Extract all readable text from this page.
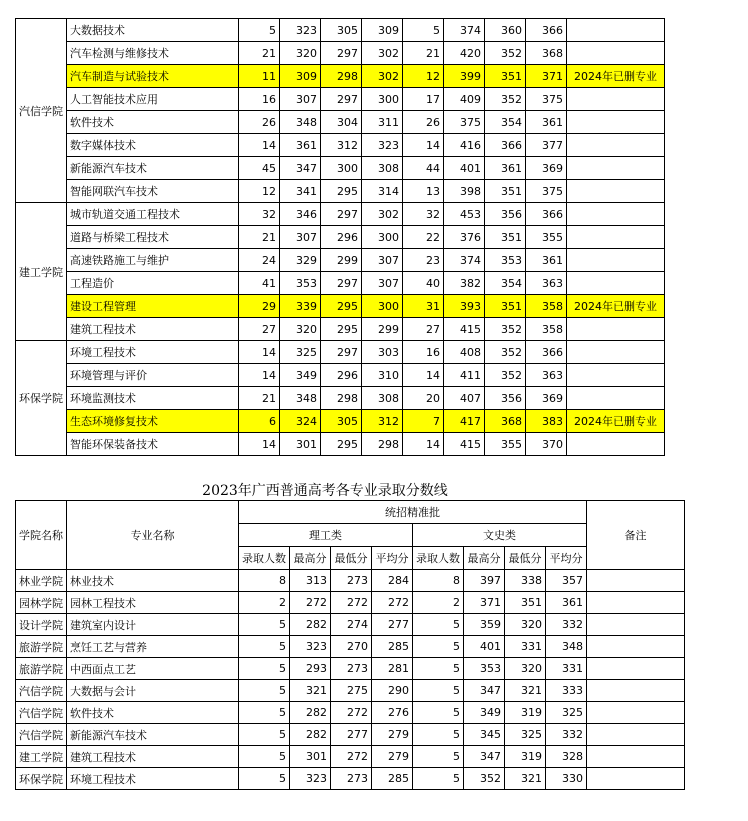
汽信学院	大数据技术	5	323	305	309	5	374	360	366	
	汽车检测与维修技术	21	320	297	302	21	420	352	368	
	汽车制造与试验技术	11	309	298	302	12	399	351	371	2024年已删专业
	人工智能技术应用	16	307	297	300	17	409	352	375	
	软件技术	26	348	304	311	26	375	354	361	
	数字媒体技术	14	361	312	323	14	416	366	377	
	新能源汽车技术	45	347	300	308	44	401	361	369	
	智能网联汽车技术	12	341	295	314	13	398	351	375	
建工学院	城市轨道交通工程技术	32	346	297	302	32	453	356	366	
	道路与桥梁工程技术	21	307	296	300	22	376	351	355	
	高速铁路施工与维护	24	329	299	307	23	374	353	361	
	工程造价	41	353	297	307	40	382	354	363	
	建设工程管理	29	339	295	300	31	393	351	358	2024年已删专业
	建筑工程技术	27	320	295	299	27	415	352	358	
环保学院	环境工程技术	14	325	297	303	16	408	352	366	
	环境管理与评价	14	349	296	310	14	411	352	363	
	环境监测技术	21	348	298	308	20	407	356	369	
	生态环境修复技术	6	324	305	312	7	417	368	383	2024年已删专业
	智能环保装备技术	14	301	295	298	14	415	355	370	
2023年广西普通高考各专业录取分数线
学院名称	专业名称	统招精准批								备注
		理工类				文史类				
		录取人数	最高分	最低分	平均分	录取人数	最高分	最低分	平均分	
林业学院	林业技术	8	313	273	284	8	397	338	357	
园林学院	园林工程技术	2	272	272	272	2	371	351	361	
设计学院	建筑室内设计	5	282	274	277	5	359	320	332	
旅游学院	烹饪工艺与营养	5	323	270	285	5	401	331	348	
旅游学院	中西面点工艺	5	293	273	281	5	353	320	331	
汽信学院	大数据与会计	5	321	275	290	5	347	321	333	
汽信学院	软件技术	5	282	272	276	5	349	319	325	
汽信学院	新能源汽车技术	5	282	277	279	5	345	325	332	
建工学院	建筑工程技术	5	301	272	279	5	347	319	328	
环保学院	环境工程技术	5	323	273	285	5	352	321	330	
